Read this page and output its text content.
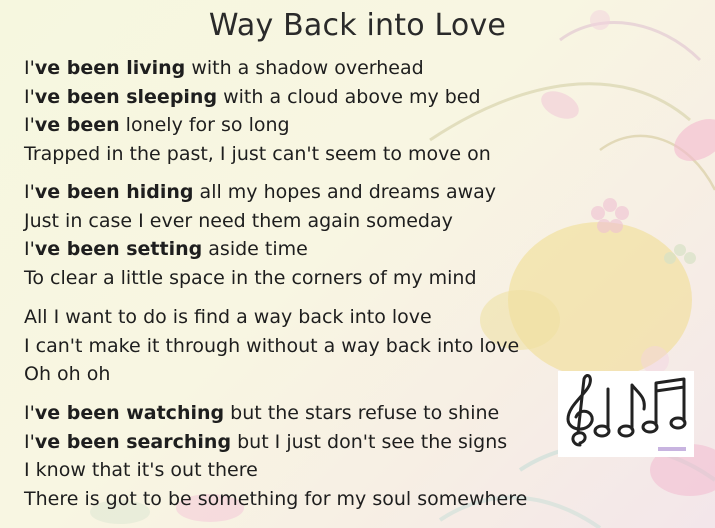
Way Back into Love
I've been living with a shadow overhead
I've been sleeping with a cloud above my bed
I've been lonely for so long
Trapped in the past, I just can't seem to move on
I've been hiding all my hopes and dreams away
Just in case I ever need them again someday
I've been setting aside time
To clear a little space in the corners of my mind
All I want to do is find a way back into love
I can't make it through without a way back into love
Oh oh oh
I've been watching but the stars refuse to shine
I've been searching but I just don't see the signs
I know that it's out there
There is got to be something for my soul somewhere
